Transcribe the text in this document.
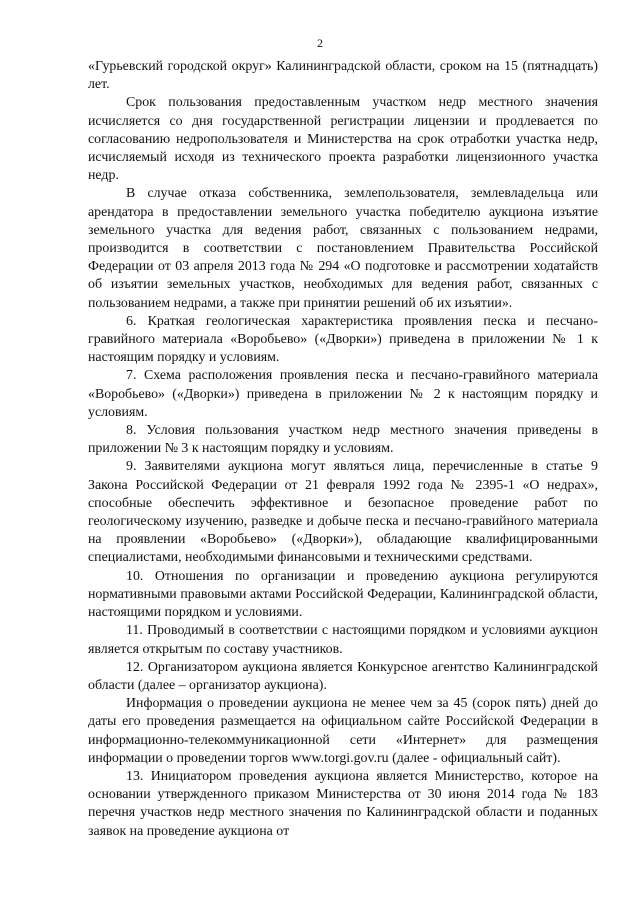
2

«Гурьевский городской округ» Калининградской области, сроком на 15 (пятнадцать) лет.

Срок пользования предоставленным участком недр местного значения исчисляется со дня государственной регистрации лицензии и продлевается по согласованию недропользователя и Министерства на срок отработки участка недр, исчисляемый исходя из технического проекта разработки лицензионного участка недр.

В случае отказа собственника, землепользователя, землевладельца или арендатора в предоставлении земельного участка победителю аукциона изъятие земельного участка для ведения работ, связанных с пользованием недрами, производится в соответствии с постановлением Правительства Российской Федерации от 03 апреля 2013 года № 294 «О подготовке и рассмотрении ходатайств об изъятии земельных участков, необходимых для ведения работ, связанных с пользованием недрами, а также при принятии решений об их изъятии».

6. Краткая геологическая характеристика проявления песка и песчано-гравийного материала «Воробьево» («Дворки») приведена в приложении № 1 к настоящим порядку и условиям.

7. Схема расположения проявления песка и песчано-гравийного материала «Воробьево» («Дворки») приведена в приложении № 2 к настоящим порядку и условиям.

8. Условия пользования участком недр местного значения приведены в приложении № 3 к настоящим порядку и условиям.

9. Заявителями аукциона могут являться лица, перечисленные в статье 9 Закона Российской Федерации от 21 февраля 1992 года № 2395-1 «О недрах», способные обеспечить эффективное и безопасное проведение работ по геологическому изучению, разведке и добыче песка и песчано-гравийного материала на проявлении «Воробьево» («Дворки»), обладающие квалифицированными специалистами, необходимыми финансовыми и техническими средствами.

10. Отношения по организации и проведению аукциона регулируются нормативными правовыми актами Российской Федерации, Калининградской области, настоящими порядком и условиями.

11. Проводимый в соответствии с настоящими порядком и условиями аукцион является открытым по составу участников.

12. Организатором аукциона является Конкурсное агентство Калининградской области (далее – организатор аукциона).

Информация о проведении аукциона не менее чем за 45 (сорок пять) дней до даты его проведения размещается на официальном сайте Российской Федерации в информационно-телекоммуникационной сети «Интернет» для размещения информации о проведении торгов www.torgi.gov.ru (далее - официальный сайт).

13. Инициатором проведения аукциона является Министерство, которое на основании утвержденного приказом Министерства от 30 июня 2014 года № 183 перечня участков недр местного значения по Калининградской области и поданных заявок на проведение аукциона от
